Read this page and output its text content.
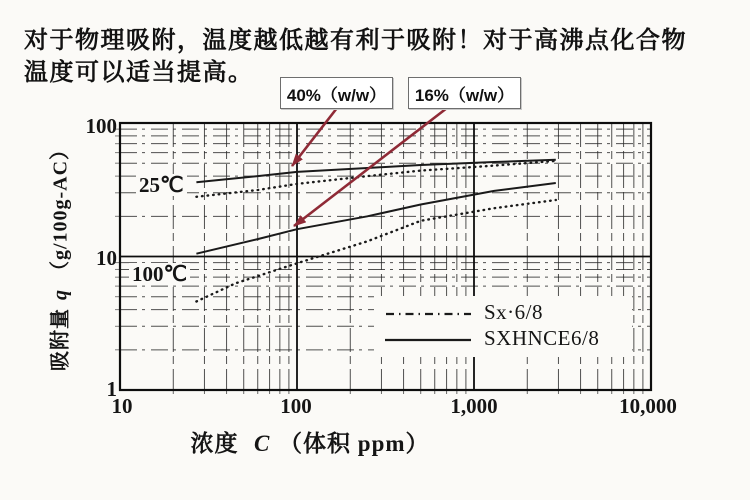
对于物理吸附，温度越低越有利于吸附！对于高沸点化合物
温度可以适当提高。
40%（w/w） 16%（w/w）
100
10
1
10	100	1,000	10,000
25℃
100℃
Sx·6/8
SXHNCE6/8
吸附量 q （g/100g-AC）
浓度 C （体积 ppm）
